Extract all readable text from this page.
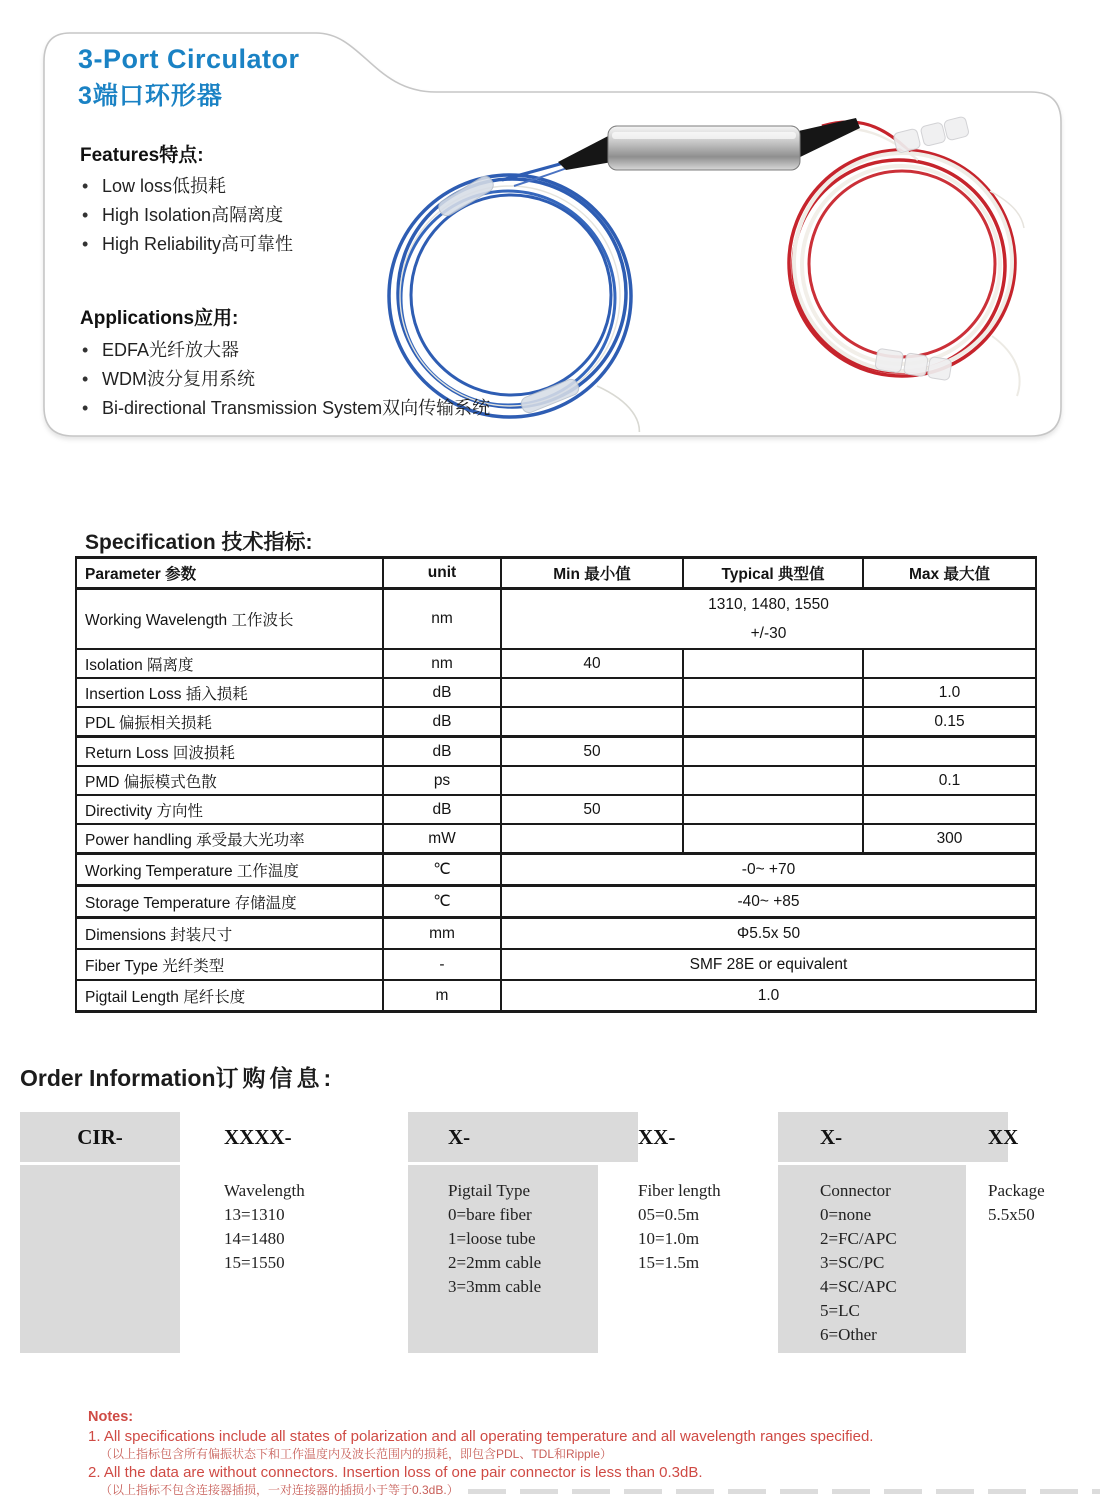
3-Port Circulator
3端口环形器
Features特点:
• Low loss低损耗
• High Isolation高隔离度
• High Reliability高可靠性
Applications应用:
• EDFA光纤放大器
• WDM波分复用系统
• Bi-directional Transmission System双向传输系统
Specification 技术指标:
Parameter 参数	unit	Min 最小值	Typical 典型值	Max 最大值
Working Wavelength 工作波长	nm	1310, 1480, 1550
+/-30		
Isolation 隔离度	nm	40		
Insertion Loss 插入损耗	dB			1.0
PDL 偏振相关损耗	dB			0.15
Return Loss 回波损耗	dB	50		
PMD 偏振模式色散	ps			0.1
Directivity 方向性	dB	50		
Power handling 承受最大光功率	mW			300
Working Temperature 工作温度	℃	-0~ +70		
Storage Temperature 存储温度	℃	-40~ +85		
Dimensions 封装尺寸	mm	Φ5.5x 50		
Fiber Type 光纤类型	-	SMF 28E or equivalent		
Pigtail Length 尾纤长度	m	1.0		
Order Information订购信息:
CIR-	XXXX-
Wavelength
13=1310
14=1480
15=1550
X-
Pigtail Type
0=bare fiber
1=loose tube
2=2mm cable
3=3mm cable
XX-
Fiber length
05=0.5m
10=1.0m
15=1.5m
X-
Connector
0=none
2=FC/APC
3=SC/PC
4=SC/APC
5=LC
6=Other
XX
Package
5.5x50
Notes:
1. All specifications include all states of polarization and all operating temperature and all wavelength ranges specified.
（以上指标包含所有偏振状态下和工作温度内及波长范围内的损耗，即包含PDL、TDL和Ripple）
2. All the data are without connectors. Insertion loss of one pair connector is less than 0.3dB.
（以上指标不包含连接器插损，一对连接器的插损小于等于0.3dB.）
